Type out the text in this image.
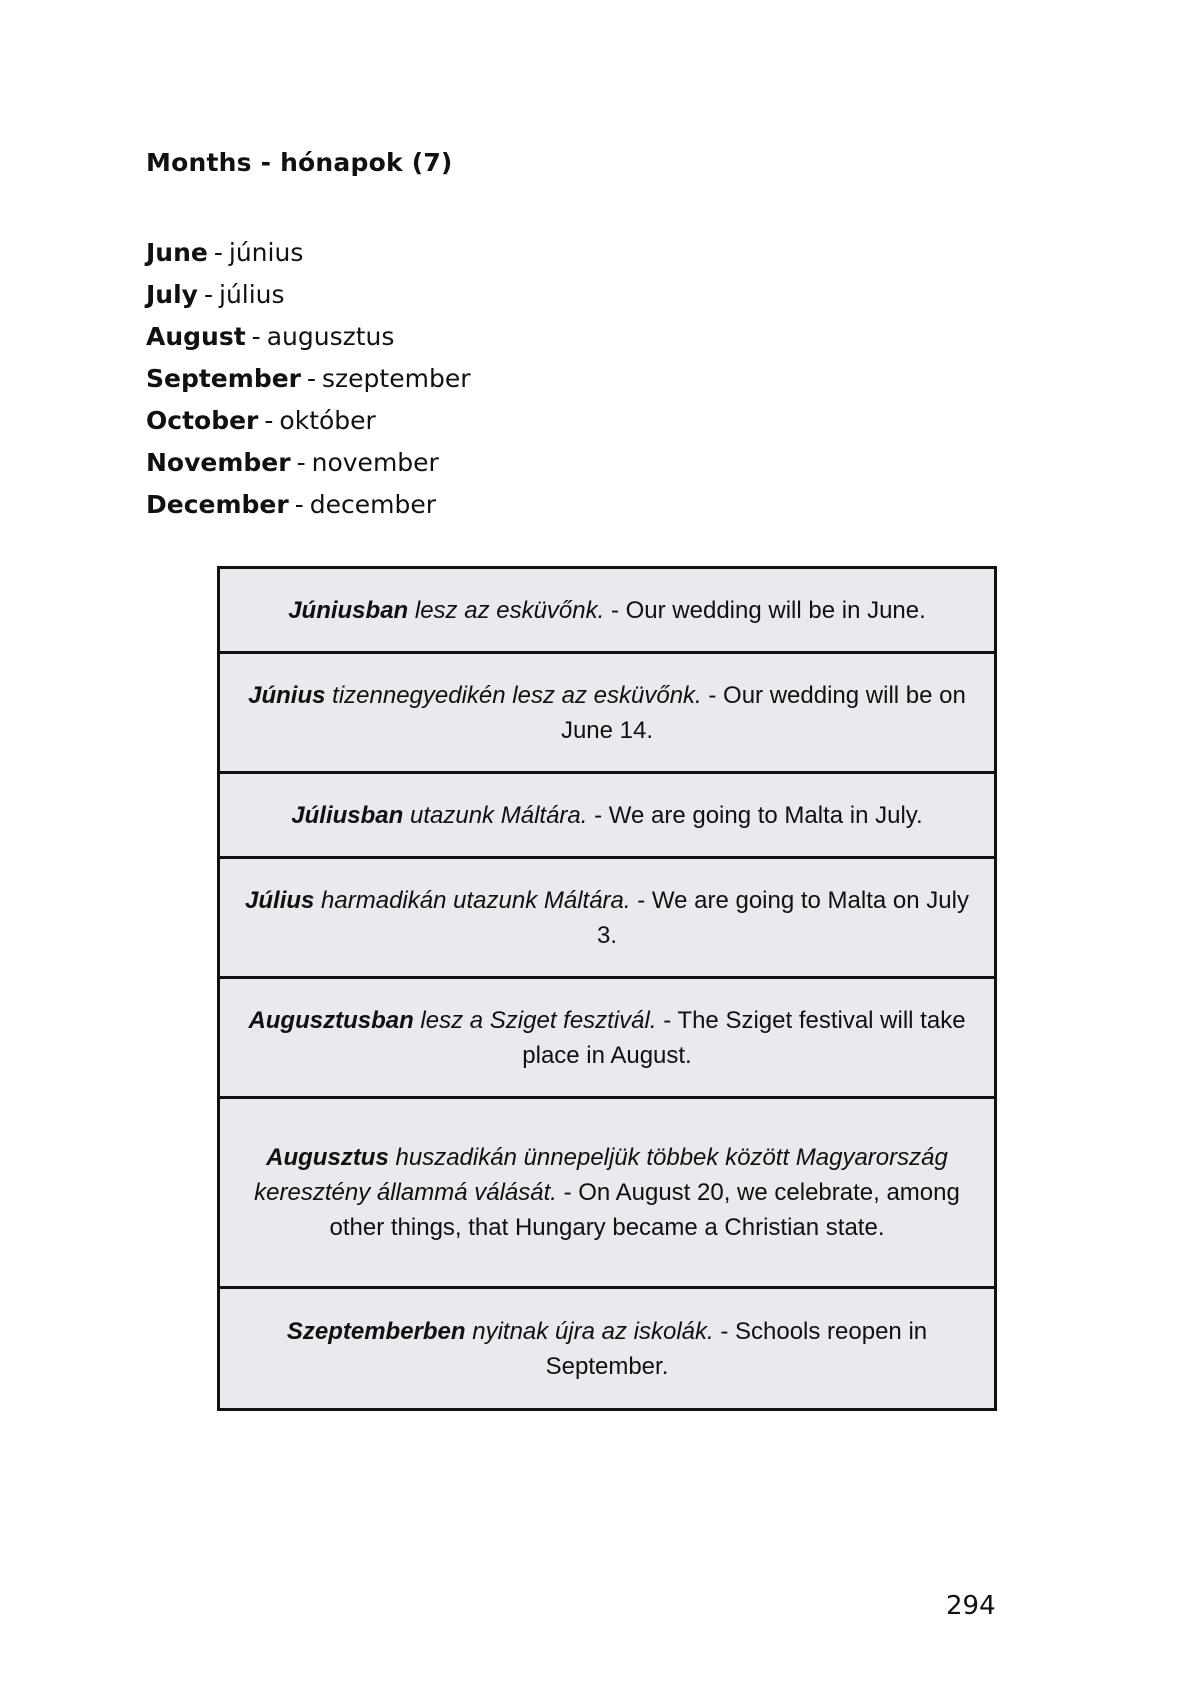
Months - hónapok (7)
June - június
July - július
August - augusztus
September - szeptember
October - október
November - november
December - december

Júniusban lesz az esküvőnk. - Our wedding will be in June.

Június tizennegyedikén lesz az esküvőnk. - Our wedding will be on June 14.

Júliusban utazunk Máltára. - We are going to Malta in July.

Július harmadikán utazunk Máltára. - We are going to Malta on July 3.

Augusztusban lesz a Sziget fesztivál. - The Sziget festival will take place in August.

Augusztus huszadikán ünnepeljük többek között Magyarország keresztény állammá válását. - On August 20, we celebrate, among other things, that Hungary became a Christian state.

Szeptemberben nyitnak újra az iskolák. - Schools reopen in September.

294
